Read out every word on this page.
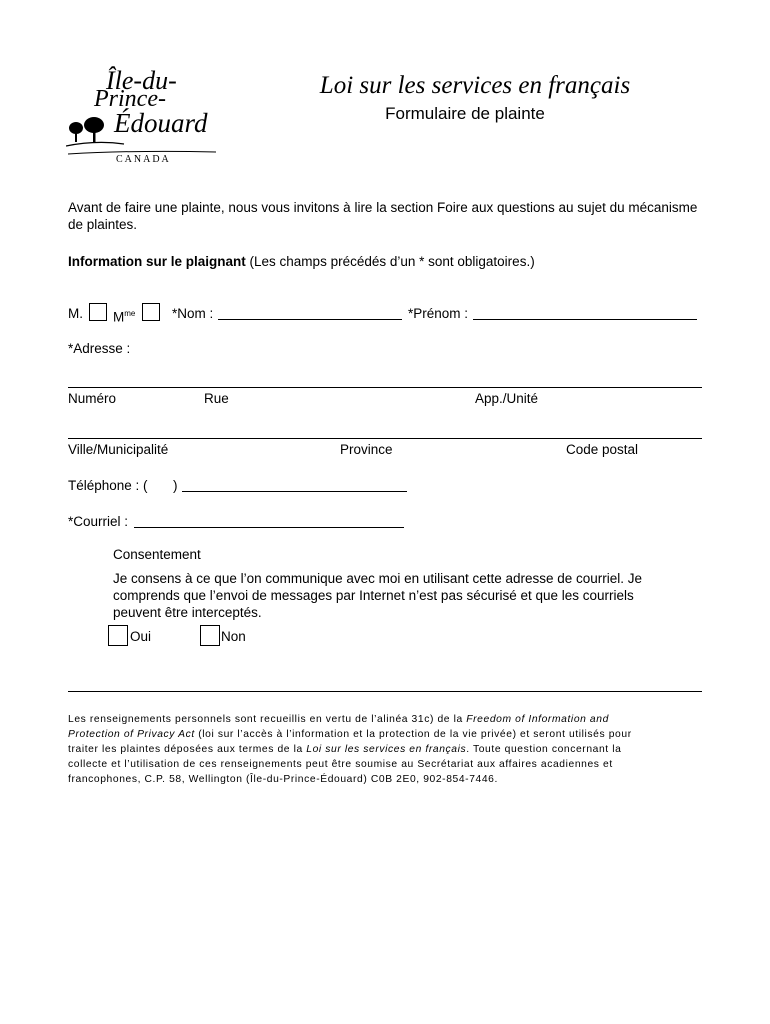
Île-du-
Prince-
Édouard
CANADA
Loi sur les services en français
Formulaire de plainte
Avant de faire une plainte, nous vous invitons à lire la section Foire aux questions au sujet du mécanisme de plaintes.
Information sur le plaignant (Les champs précédés d’un * sont obligatoires.)
M. $M^{me}$	*Nom :	*Prénom :
*Adresse :
Numéro	Rue	App./Unité
Ville/Municipalité	Province	Code postal
Téléphone : ( )
*Courriel :
Consentement
Je consens à ce que l’on communique avec moi en utilisant cette adresse de courriel. Je comprends que l’envoi de messages par Internet n’est pas sécurisé et que les courriels peuvent être interceptés.
Oui	Non
Les renseignements personnels sont recueillis en vertu de l’alinéa 31c) de la Freedom of Information and Protection of Privacy Act (loi sur l’accès à l’information et la protection de la vie privée) et seront utilisés pour traiter les plaintes déposées aux termes de la Loi sur les services en français. Toute question concernant la collecte et l’utilisation de ces renseignements peut être soumise au Secrétariat aux affaires acadiennes et francophones, C.P. 58, Wellington (Île-du-Prince-Édouard) C0B 2E0, 902-854-7446.
